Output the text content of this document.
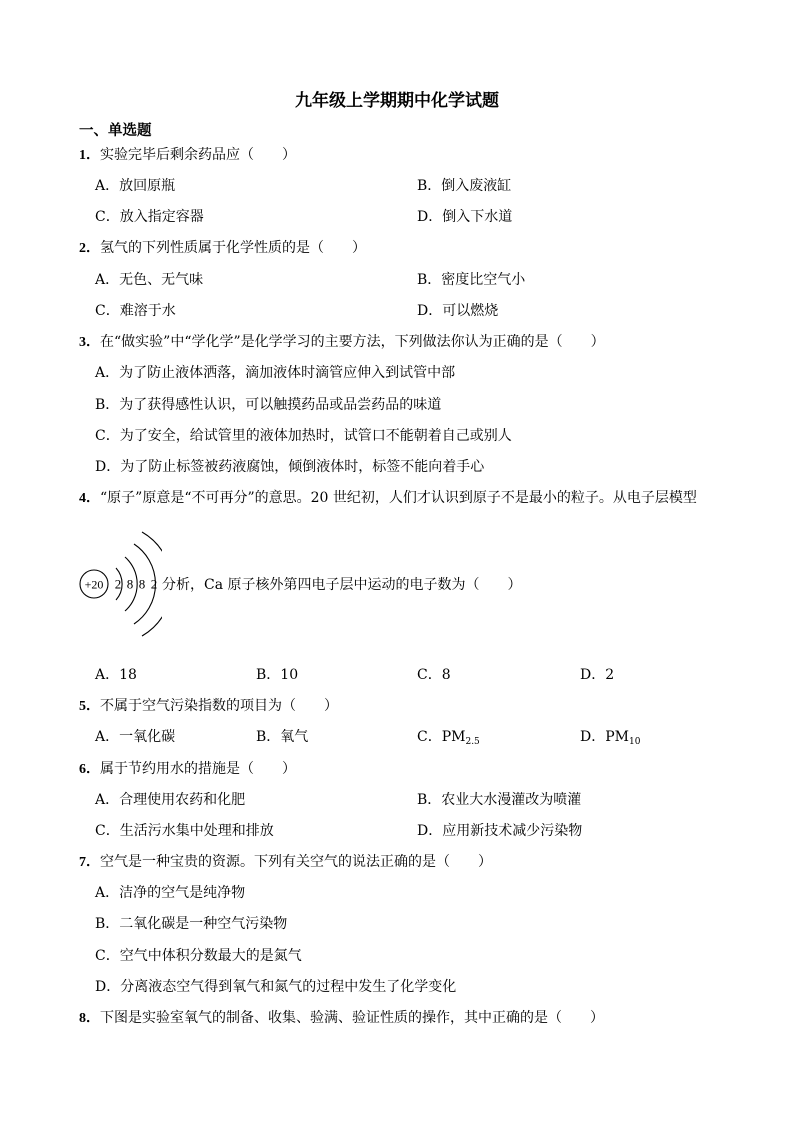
九年级上学期期中化学试题
一、单选题
1．实验完毕后剩余药品应（　　）
A．放回原瓶	B．倒入废液缸
C．放入指定容器	D．倒入下水道
2．氢气的下列性质属于化学性质的是（　　）
A．无色、无气味	B．密度比空气小
C．难溶于水	D．可以燃烧
3．在“做实验”中“学化学”是化学学习的主要方法，下列做法你认为正确的是（　　）
A．为了防止液体洒落，滴加液体时滴管应伸入到试管中部
B．为了获得感性认识，可以触摸药品或品尝药品的味道
C．为了安全，给试管里的液体加热时，试管口不能朝着自己或别人
D．为了防止标签被药液腐蚀，倾倒液体时，标签不能向着手心
4．“原子”原意是“不可再分”的意思。20 世纪初，人们才认识到原子不是最小的粒子。从电子层模型
+20 2 8 8 2 分析，Ca 原子核外第四电子层中运动的电子数为（　　）
A．18	B．10	C．8	D．2
5．不属于空气污染指数的项目为（　　）
A．一氧化碳	B．氧气	C．$PM_{2.5}$	D．$PM_{10}$
6．属于节约用水的措施是（　　）
A．合理使用农药和化肥	B．农业大水漫灌改为喷灌
C．生活污水集中处理和排放	D．应用新技术减少污染物
7．空气是一种宝贵的资源。下列有关空气的说法正确的是（　　）
A．洁净的空气是纯净物
B．二氧化碳是一种空气污染物
C．空气中体积分数最大的是氮气
D．分离液态空气得到氧气和氮气的过程中发生了化学变化
8．下图是实验室氧气的制备、收集、验满、验证性质的操作，其中正确的是（　　）
